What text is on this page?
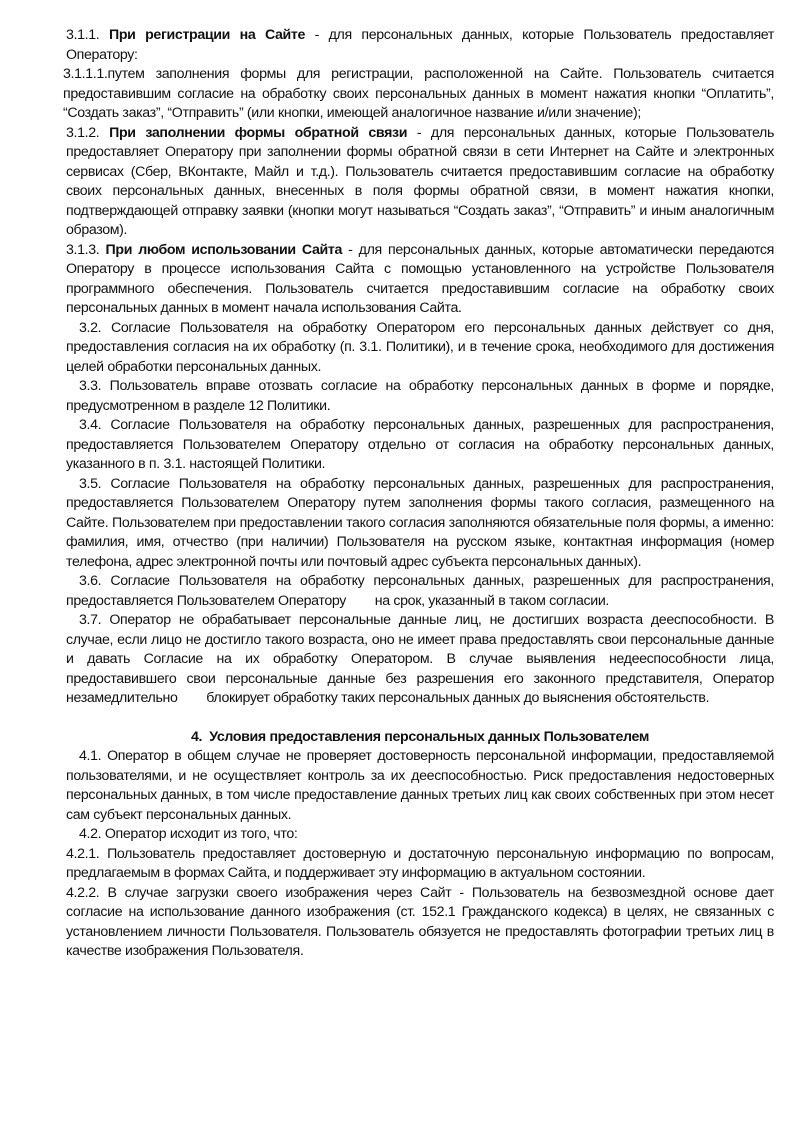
3.1.1. При регистрации на Сайте - для персональных данных, которые Пользователь предоставляет Оператору:

3.1.1.1.путем заполнения формы для регистрации, расположенной на Сайте. Пользователь считается предоставившим согласие на обработку своих персональных данных в момент нажатия кнопки “Оплатить”, “Создать заказ”, “Отправить” (или кнопки, имеющей аналогичное название и/или значение);

3.1.2. При заполнении формы обратной связи - для персональных данных, которые Пользователь предоставляет Оператору при заполнении формы обратной связи в сети Интернет на Сайте и электронных сервисах (Сбер, ВКонтакте, Майл и т.д.). Пользователь считается предоставившим согласие на обработку своих персональных данных, внесенных в поля формы обратной связи, в момент нажатия кнопки, подтверждающей отправку заявки (кнопки могут называться “Создать заказ”, “Отправить” и иным аналогичным образом).

3.1.3. При любом использовании Сайта - для персональных данных, которые автоматически передаются Оператору в процессе использования Сайта с помощью установленного на устройстве Пользователя программного обеспечения. Пользователь считается предоставившим согласие на обработку своих персональных данных в момент начала использования Сайта.

3.2. Согласие Пользователя на обработку Оператором его персональных данных действует со дня, предоставления согласия на их обработку (п. 3.1. Политики), и в течение срока, необходимого для достижения целей обработки персональных данных.

3.3. Пользователь вправе отозвать согласие на обработку персональных данных в форме и порядке, предусмотренном в разделе 12 Политики.

3.4. Согласие Пользователя на обработку персональных данных, разрешенных для распространения, предоставляется Пользователем Оператору отдельно от согласия на обработку персональных данных, указанного в п. 3.1. настоящей Политики.

3.5. Согласие Пользователя на обработку персональных данных, разрешенных для распространения, предоставляется Пользователем Оператору путем заполнения формы такого согласия, размещенного на Сайте. Пользователем при предоставлении такого согласия заполняются обязательные поля формы, а именно: фамилия, имя, отчество (при наличии) Пользователя на русском языке, контактная информация (номер телефона, адрес электронной почты или почтовый адрес субъекта персональных данных).

3.6. Согласие Пользователя на обработку персональных данных, разрешенных для распространения, предоставляется Пользователем Оператору        на срок, указанный в таком согласии.

3.7. Оператор не обрабатывает персональные данные лиц, не достигших возраста дееспособности. В случае, если лицо не достигло такого возраста, оно не имеет права предоставлять свои персональные данные и давать Согласие на их обработку Оператором. В случае выявления недееспособности лица, предоставившего свои персональные данные без разрешения его законного представителя, Оператор незамедлительно        блокирует обработку таких персональных данных до выяснения обстоятельств.

4.  Условия предоставления персональных данных Пользователем

4.1. Оператор в общем случае не проверяет достоверность персональной информации, предоставляемой пользователями, и не осуществляет контроль за их дееспособностью. Риск предоставления недостоверных персональных данных, в том числе предоставление данных третьих лиц как своих собственных при этом несет сам субъект персональных данных.

4.2. Оператор исходит из того, что:

4.2.1. Пользователь предоставляет достоверную и достаточную персональную информацию по вопросам, предлагаемым в формах Сайта, и поддерживает эту информацию в актуальном состоянии.

4.2.2. В случае загрузки своего изображения через Сайт - Пользователь на безвозмездной основе дает согласие на использование данного изображения (ст. 152.1 Гражданского кодекса) в целях, не связанных с установлением личности Пользователя. Пользователь обязуется не предоставлять фотографии третьих лиц в качестве изображения Пользователя.
